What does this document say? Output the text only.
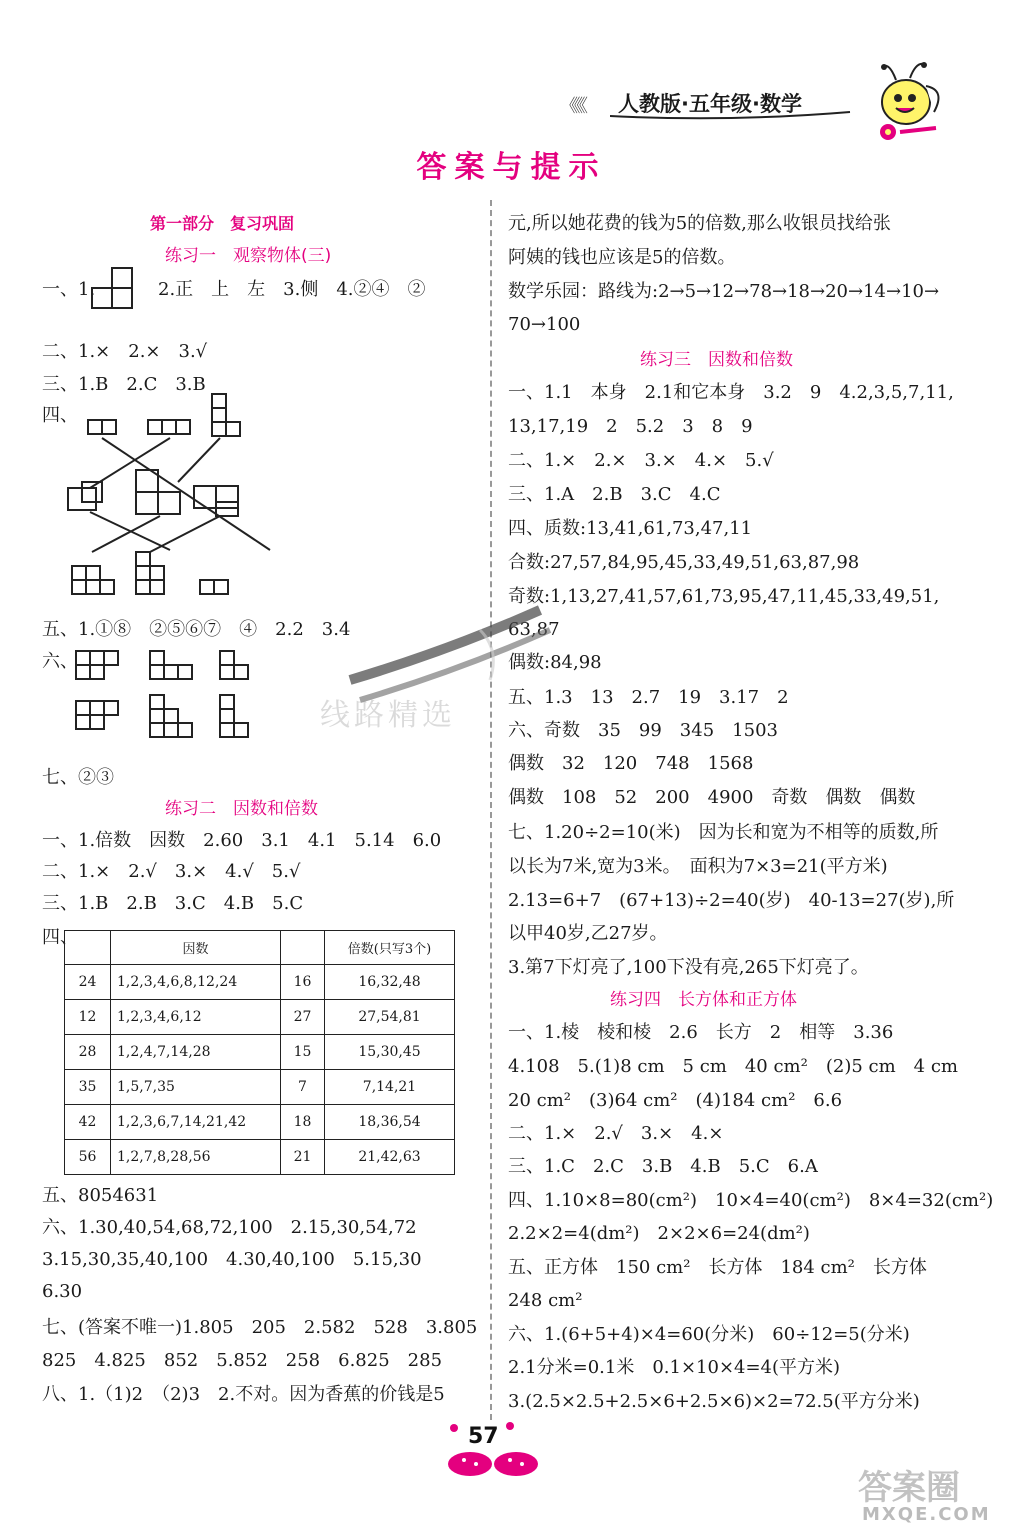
《《《 人教版·五年级·数学
答案与提示
第一部分　复习巩固
练习一　观察物体(三)
一、1.	2.正　上　左　3.侧　4.②④　②
二、1.×　2.×　3.√
三、1.B　2.C　3.B
四、
五、1.①⑧　②⑤⑥⑦　④　2.2　3.4
六、
七、②③
练习二　因数和倍数
一、1.倍数　因数　2.60　3.1　4.1　5.14　6.0
二、1.×　2.√　3.×　4.√　5.√
三、1.B　2.B　3.C　4.B　5.C
四、
	因数		倍数(只写3个)
24	1,2,3,4,6,8,12,24	16	16,32,48
12	1,2,3,4,6,12	27	27,54,81
28	1,2,4,7,14,28	15	15,30,45
35	1,5,7,35	7	7,14,21
42	1,2,3,6,7,14,21,42	18	18,36,54
56	1,2,7,8,28,56	21	21,42,63
五、8054631
六、1.30,40,54,68,72,100　2.15,30,54,72
3.15,30,35,40,100　4.30,40,100　5.15,30
6.30
七、(答案不唯一)1.805　205　2.582　528　3.805
825　4.825　852　5.852　258　6.825　285
八、1.（1)2　（2)3　2.不对。因为香蕉的价钱是5
元,所以她花费的钱为5的倍数,那么收银员找给张
阿姨的钱也应该是5的倍数。
数学乐园：路线为:2→5→12→78→18→20→14→10→
70→100
练习三　因数和倍数
一、1.1　本身　2.1和它本身　3.2　9　4.2,3,5,7,11,
13,17,19　2　5.2　3　8　9
二、1.×　2.×　3.×　4.×　5.√
三、1.A　2.B　3.C　4.C
四、质数:13,41,61,73,47,11
合数:27,57,84,95,45,33,49,51,63,87,98
奇数:1,13,27,41,57,61,73,95,47,11,45,33,49,51,
63,87
偶数:84,98
五、1.3　13　2.7　19　3.17　2
六、奇数　35　99　345　1503
偶数　32　120　748　1568
偶数　108　52　200　4900　奇数　偶数　偶数
七、1.20÷2=10(米)　因为长和宽为不相等的质数,所
以长为7米,宽为3米。　面积为7×3=21(平方米)
2.13=6+7　(67+13)÷2=40(岁)　40-13=27(岁),所
以甲40岁,乙27岁。
3.第7下灯亮了,100下没有亮,265下灯亮了。
练习四　长方体和正方体
一、1.棱　棱和棱　2.6　长方　2　相等　3.36
4.108　5.(1)8 cm　5 cm　40 cm²　(2)5 cm　4 cm
20 cm²　(3)64 cm²　(4)184 cm²　6.6
二、1.×　2.√　3.×　4.×
三、1.C　2.C　3.B　4.B　5.C　6.A
四、1.10×8=80(cm²)　10×4=40(cm²)　8×4=32(cm²)
2.2×2=4(dm²)　2×2×6=24(dm²)
五、正方体　150 cm²　长方体　184 cm²　长方体
248 cm²
六、1.(6+5+4)×4=60(分米)　60÷12=5(分米)
2.1分米=0.1米　0.1×10×4=4(平方米)
3.(2.5×2.5+2.5×6+2.5×6)×2=72.5(平方分米)
线路精选
57
答案圈
MXQE.COM
